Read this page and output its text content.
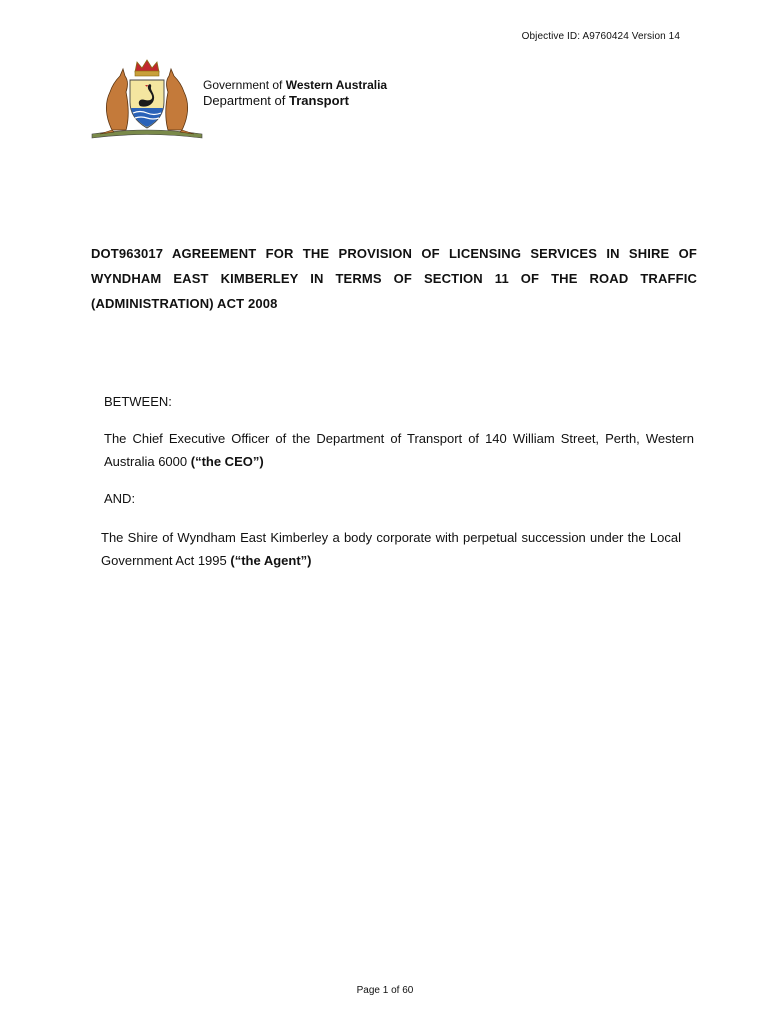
Objective ID: A9760424 Version 14
Government of Western Australia
Department of Transport
DOT963017 AGREEMENT FOR THE PROVISION OF LICENSING SERVICES IN SHIRE OF WYNDHAM EAST KIMBERLEY IN TERMS OF SECTION 11 OF THE ROAD TRAFFIC (ADMINISTRATION) ACT 2008
BETWEEN:
The Chief Executive Officer of the Department of Transport of 140 William Street, Perth, Western Australia 6000 (“the CEO”)
AND:
The Shire of Wyndham East Kimberley a body corporate with perpetual succession under the Local Government Act 1995 (“the Agent”)
Page 1 of 60
